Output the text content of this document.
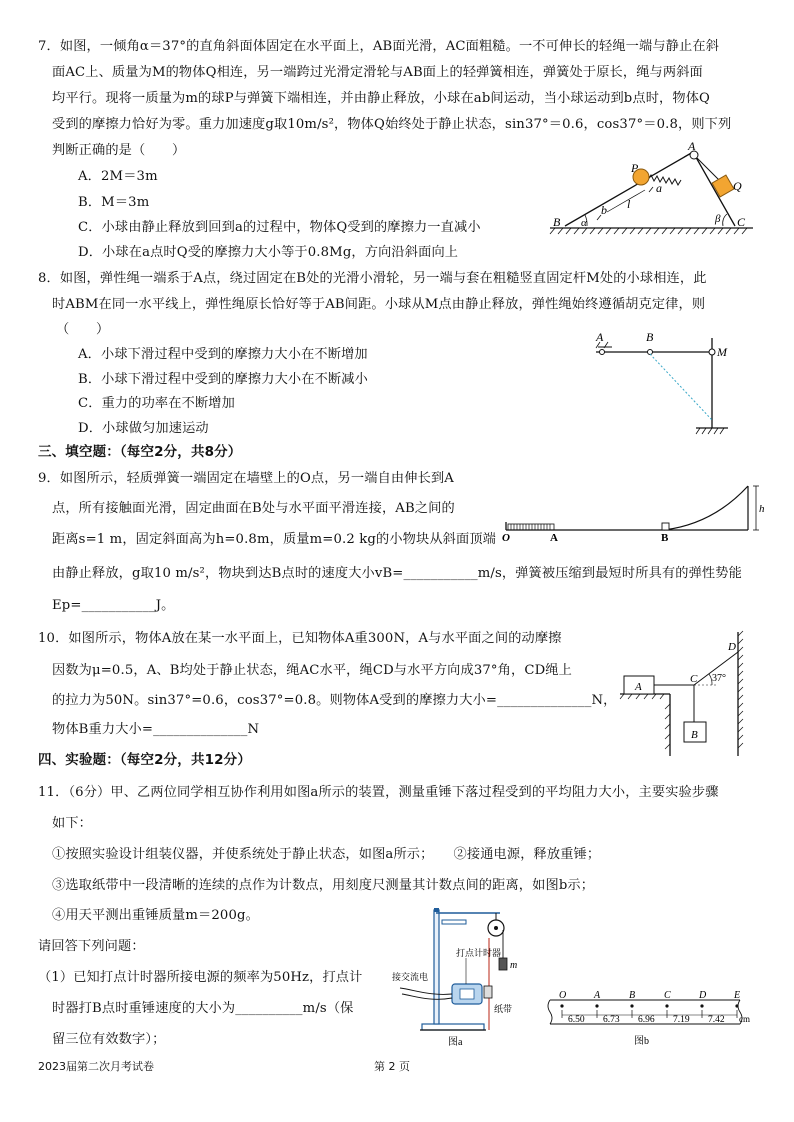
7．如图，一倾角α＝37°的直角斜面体固定在水平面上，AB面光滑，AC面粗糙。一不可伸长的轻绳一端与静止在斜
面AC上、质量为M的物体Q相连，另一端跨过光滑定滑轮与AB面上的轻弹簧相连，弹簧处于原长，绳与两斜面
均平行。现将一质量为m的球P与弹簧下端相连，并由静止释放，小球在ab间运动，当小球运动到b点时，物体Q
受到的摩擦力恰好为零。重力加速度g取10m/s²，物体Q始终处于静止状态，sin37°＝0.6，cos37°＝0.8，则下列
判断正确的是（　　）
A．2M＝3m
B．M＝3m
C．小球由静止释放到回到a的过程中，物体Q受到的摩擦力一直减小
D．小球在a点时Q受的摩擦力大小等于0.8Mg，方向沿斜面向上
A
B	C
P
Q
a
b l
α	β
8．如图，弹性绳一端系于A点，绕过固定在B处的光滑小滑轮，另一端与套在粗糙竖直固定杆M处的小球相连，此
时ABM在同一水平线上，弹性绳原长恰好等于AB间距。小球从M点由静止释放，弹性绳始终遵循胡克定律，则
（　　）
A．小球下滑过程中受到的摩擦力大小在不断增加
B．小球下滑过程中受到的摩擦力大小在不断减小
C．重力的功率在不断增加
D．小球做匀加速运动
A	B
M
三、填空题：（每空2分，共8分）
9．如图所示，轻质弹簧一端固定在墙壁上的O点，另一端自由伸长到A
点，所有接触面光滑，固定曲面在B处与水平面平滑连接，AB之间的
距离s=1 m，固定斜面高为h=0.8m，质量m=0.2 kg的小物块从斜面顶端
由静止释放，g取10 m/s²，物块到达B点时的速度大小vB=___________m/s，弹簧被压缩到最短时所具有的弹性势能
Ep=___________J。
O	A	B
h
10．如图所示，物体A放在某一水平面上，已知物体A重300N，A与水平面之间的动摩擦
因数为μ=0.5，A、B均处于静止状态，绳AC水平，绳CD与水平方向成37°角，CD绳上
的拉力为50N。sin37°=0.6，cos37°=0.8。则物体A受到的摩擦力大小=______________N，
物体B重力大小=______________N
A
B
C
D
37°
四、实验题：（每空2分，共12分）
11．（6分）甲、乙两位同学相互协作利用如图a所示的装置，测量重锤下落过程受到的平均阻力大小，主要实验步骤
如下：
①按照实验设计组装仪器，并使系统处于静止状态，如图a所示；　　②接通电源，释放重锤；
③选取纸带中一段清晰的连续的点作为计数点，用刻度尺测量其计数点间的距离，如图b示；
④用天平测出重锤质量m＝200g。
请回答下列问题：
（1）已知打点计时器所接电源的频率为50Hz，打点计
时器打B点时重锤速度的大小为__________m/s（保
留三位有效数字）；
打点计时器
接交流电
纸带
m
图a
O	A	B	C	D	E
6.50 6.73 6.96 7.19 7.42 cm
图b
2023届第二次月考试卷	第 2 页
